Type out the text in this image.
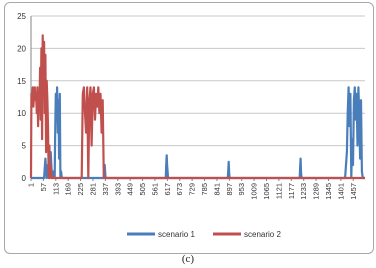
0
5
10
15
20
25
1 57 113 169 225 281 337 393 449 505 561 617 673 729 785 841 897 953 1009 1065 1121 1177 1233 1289 1345 1401 1457
scenario 1	scenario 2
(c)
